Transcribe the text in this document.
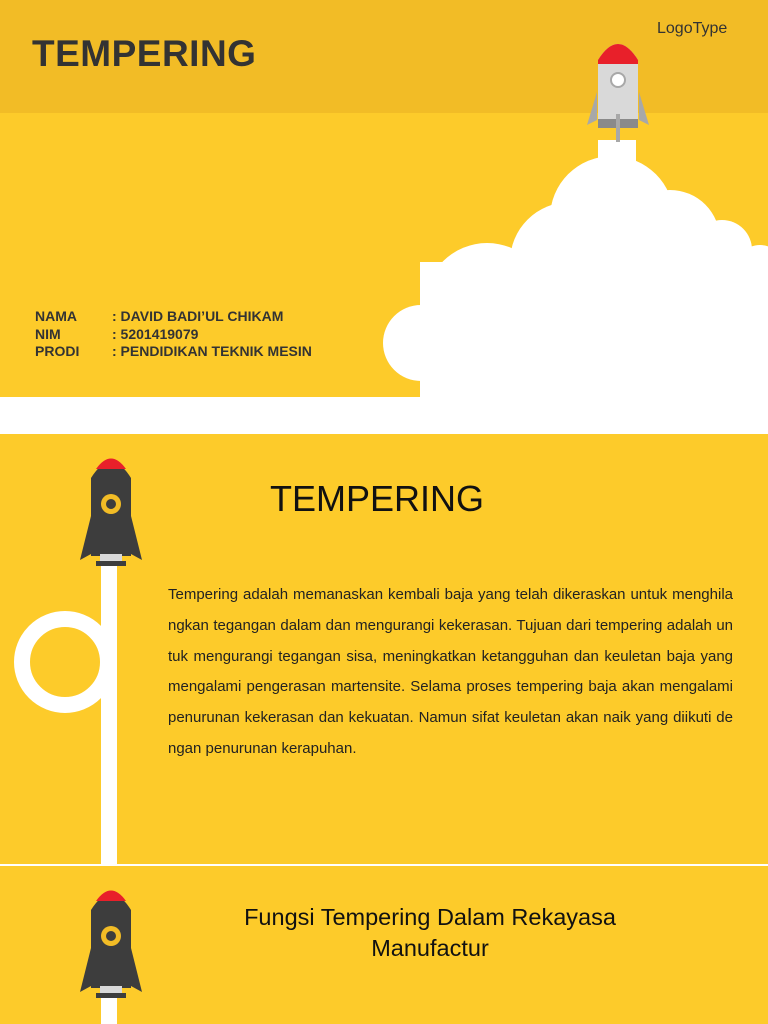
TEMPERING
LogoType
NAMA	: DAVID BADI’UL CHIKAM
NIM	: 5201419079
PRODI	: PENDIDIKAN TEKNIK MESIN
TEMPERING
Tempering adalah memanaskan kembali baja yang telah dikeraskan untuk menghilangkan tegangan dalam dan mengurangi kekerasan. Tujuan dari tempering adalah untuk mengurangi tegangan sisa, meningkatkan ketangguhan dan keuletan baja yang mengalami pengerasan martensite. Selama proses tempering baja akan mengalami penurunan kekerasan dan kekuatan. Namun sifat keuletan akan naik yang diikuti dengan penurunan kerapuhan.
Fungsi Tempering Dalam Rekayasa Manufactur
